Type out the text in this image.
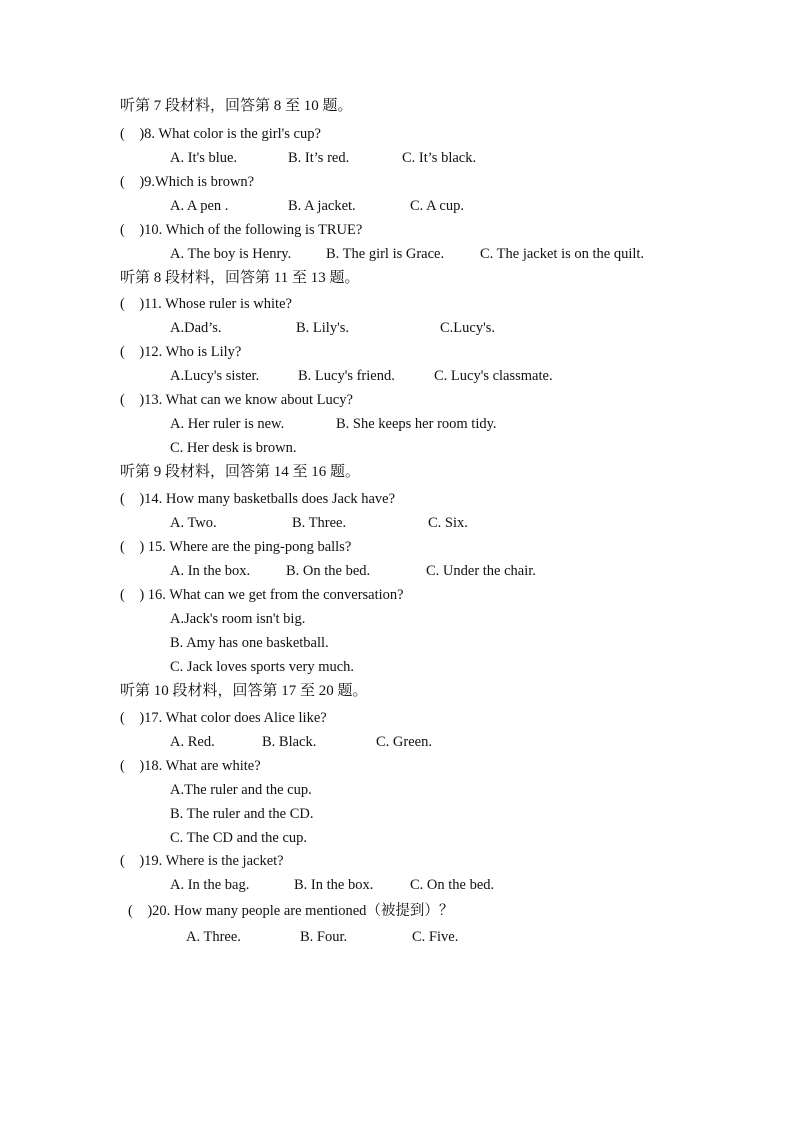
听第 7 段材料，回答第 8 至 10 题。
(    )8. What color is the girl's cup?
A. It's blue.	B. It’s red.	C. It’s black.
(    )9.Which is brown?
A. A pen .	B. A jacket.	C. A cup.
(    )10. Which of the following is TRUE?
A. The boy is Henry. B. The girl is Grace. C. The jacket is on the quilt.
听第 8 段材料，回答第 11 至 13 题。
(    )11. Whose ruler is white?
A.Dad’s.	B. Lily's.	C.Lucy's.
(    )12. Who is Lily?
A.Lucy's sister.	B. Lucy's friend.	C. Lucy's classmate.
(    )13. What can we know about Lucy?
A. Her ruler is new.	B. She keeps her room tidy.
C. Her desk is brown.
听第 9 段材料，回答第 14 至 16 题。
(    )14. How many basketballs does Jack have?
A. Two.	B. Three.	C. Six.
(    ) 15. Where are the ping-pong balls?
A. In the box. B. On the bed.	C. Under the chair.
(    ) 16. What can we get from the conversation?
A.Jack's room isn't big.
B. Amy has one basketball.
C. Jack loves sports very much.
听第 10 段材料，回答第 17 至 20 题。
(    )17. What color does Alice like?
A. Red.	B. Black.	C. Green.
(    )18. What are white?
A.The ruler and the cup.
B. The ruler and the CD.
C. The CD and the cup.
(    )19. Where is the jacket?
A. In the bag.	B. In the box.	C. On the bed.
(    )20. How many people are mentioned（被提到）？
A. Three.	B. Four.	C. Five.
